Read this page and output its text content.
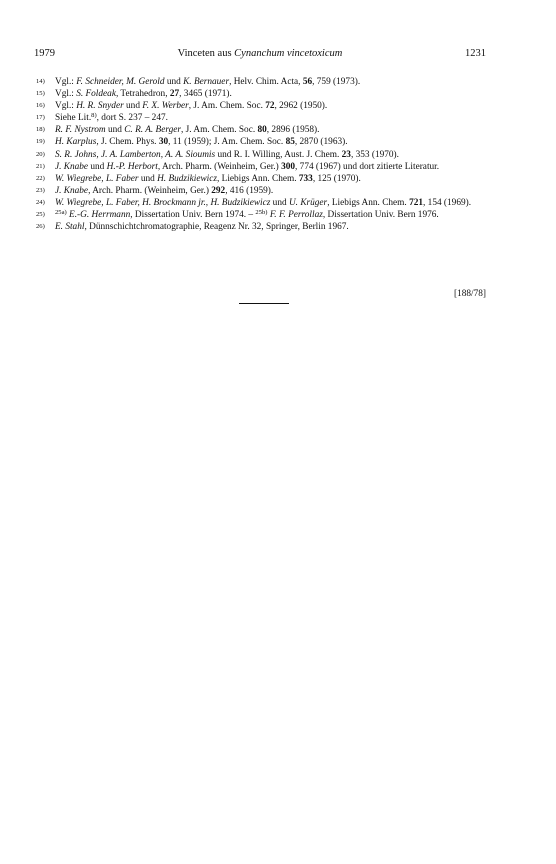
1979	Vinceten aus Cynanchum vincetoxicum	1231
14) Vgl.: F. Schneider, M. Gerold und K. Bernauer, Helv. Chim. Acta, 56, 759 (1973).
15) Vgl.: S. Foldeak, Tetrahedron, 27, 3465 (1971).
16) Vgl.: H. R. Snyder und F. X. Werber, J. Am. Chem. Soc. 72, 2962 (1950).
17) Siehe Lit.$^{8)}$, dort S. 237 – 247.
18) R. F. Nystrom und C. R. A. Berger, J. Am. Chem. Soc. 80, 2896 (1958).
19) H. Karplus, J. Chem. Phys. 30, 11 (1959); J. Am. Chem. Soc. 85, 2870 (1963).
20) S. R. Johns, J. A. Lamberton, A. A. Sioumis und R. I. Willing, Aust. J. Chem. 23, 353 (1970).
21) J. Knabe und H.-P. Herbort, Arch. Pharm. (Weinheim, Ger.) 300, 774 (1967) und dort zitierte Literatur.
22) W. Wiegrebe, L. Faber und H. Budzikiewicz, Liebigs Ann. Chem. 733, 125 (1970).
23) J. Knabe, Arch. Pharm. (Weinheim, Ger.) 292, 416 (1959).
24) W. Wiegrebe, L. Faber, H. Brockmann jr., H. Budzikiewicz und U. Krüger, Liebigs Ann. Chem. 721, 154 (1969).
25) $^{25a)}$ E.-G. Herrmann, Dissertation Univ. Bern 1974. – $^{25b)}$ F. F. Perrollaz, Dissertation Univ. Bern 1976.
26) E. Stahl, Dünnschichtchromatographie, Reagenz Nr. 32, Springer, Berlin 1967.
[188/78]
